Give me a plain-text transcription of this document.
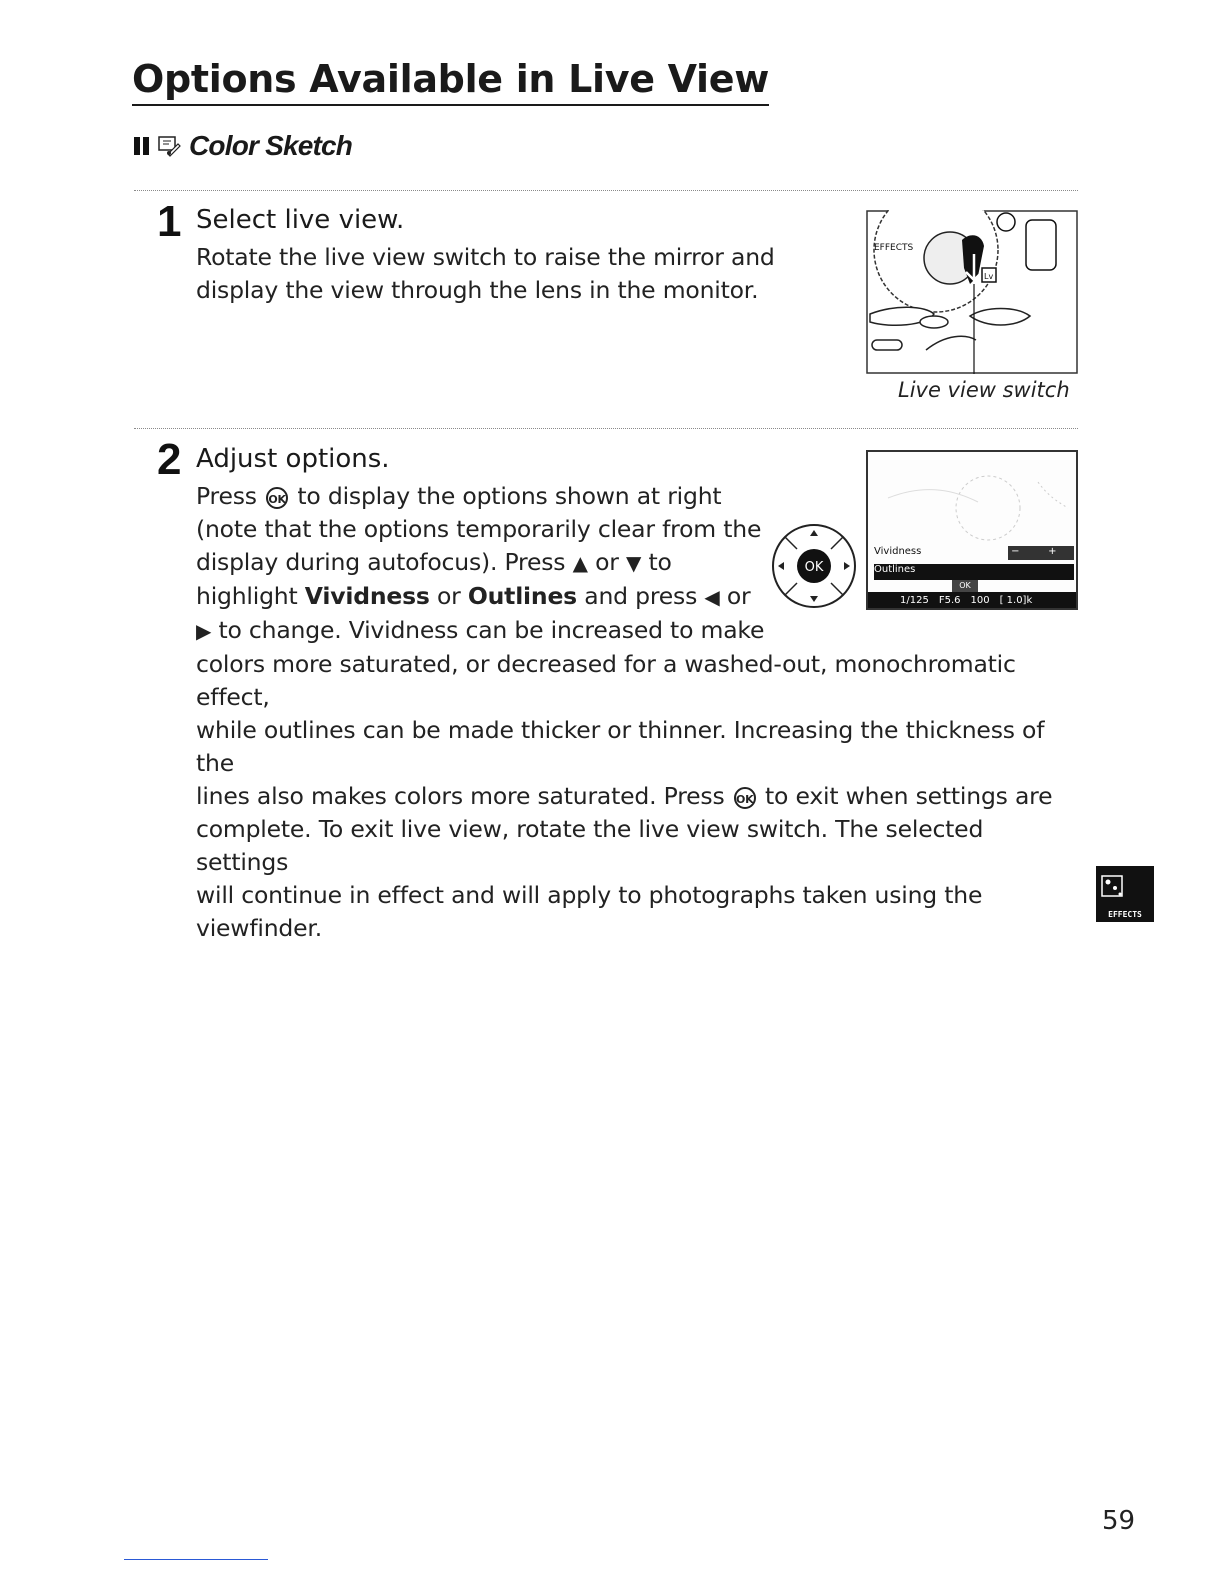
Options Available in Live View
Color Sketch
1 Select live view.

Rotate the live view switch to raise the mirror and display the view through the lens in the monitor.

EFFECTS
Lv
Live view switch
2 Adjust options.
Press OK to display the options shown at right
(note that the options temporarily clear from the
display during autofocus). Press ▲ or ▼ to
highlight Vividness or Outlines and press ◀ or
▶ to change. Vividness can be increased to make
colors more saturated, or decreased for a washed-out, monochromatic effect,
while outlines can be made thicker or thinner. Increasing the thickness of the
lines also makes colors more saturated. Press OK to exit when settings are
complete. To exit live view, rotate the live view switch. The selected settings
will continue in effect and will apply to photographs taken using the
viewfinder.
OK
Vividness	−         +
Outlines
OK
1/125 F5.6 100 [ 1.0]k
EFFECTS
59
